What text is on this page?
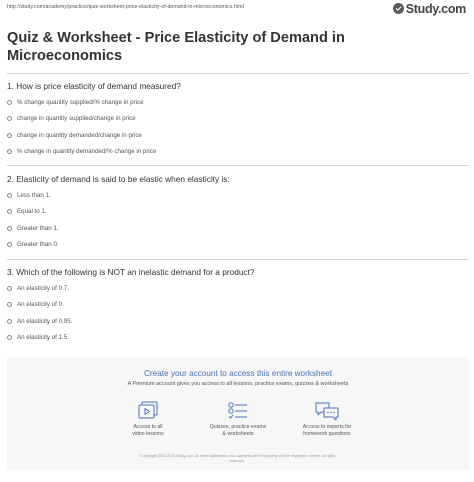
http://study.com/academy/practice/quiz-worksheet-price-elasticity-of-demand-in-microeconomics.html	Study.com
Quiz & Worksheet - Price Elasticity of Demand in Microeconomics
1. How is price elasticity of demand measured?
% change quantity supplied/% change in price
change in quantity supplied/change in price
change in quantity demanded/change in price
% change in quantity demanded/% change in price
2. Elasticity of demand is said to be elastic when elasticity is:
Less than 1.
Equal to 1.
Greater than 1.
Greater than 0.
3. Which of the following is NOT an inelastic demand for a product?
An elasticity of 0.7.
An elasticity of 0.
An elasticity of 0.95.
An elasticity of 1.5.
Create your account to access this entire worksheet
A Premium account gives you access to all lessons, practice exams, quizzes & worksheets
Access to all
video lessons
Quizzes, practice exams
& worksheets
Access to experts for
homework questions
© copyright 2003-2020 Study.com. All other trademarks and copyrights are the property of their respective owners. All rights
reserved.
